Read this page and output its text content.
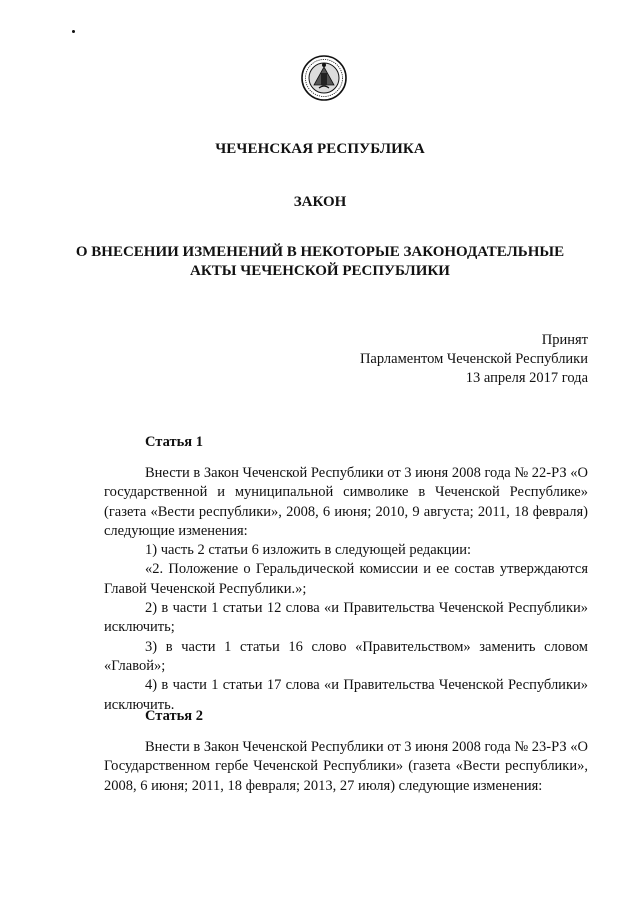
ЧЕЧЕНСКАЯ РЕСПУБЛИКА
ЗАКОН
О ВНЕСЕНИИ ИЗМЕНЕНИЙ В НЕКОТОРЫЕ ЗАКОНОДАТЕЛЬНЫЕ
АКТЫ ЧЕЧЕНСКОЙ РЕСПУБЛИКИ
Принят
Парламентом Чеченской Республики
13 апреля 2017 года
Статья 1

Внести в Закон Чеченской Республики от 3 июня 2008 года № 22-РЗ «О государственной и муниципальной символике в Чеченской Республике» (газета «Вести республики», 2008, 6 июня; 2010, 9 августа; 2011, 18 февраля) следующие изменения:

1) часть 2 статьи 6 изложить в следующей редакции:

«2. Положение о Геральдической комиссии и ее состав утверждаются Главой Чеченской Республики.»;

2) в части 1 статьи 12 слова «и Правительства Чеченской Республики» исключить;

3) в части 1 статьи 16 слово «Правительством» заменить словом «Главой»;

4) в части 1 статьи 17 слова «и Правительства Чеченской Республики» исключить.

Статья 2

Внести в Закон Чеченской Республики от 3 июня 2008 года № 23-РЗ «О Государственном гербе Чеченской Республики» (газета «Вести республики», 2008, 6 июня; 2011, 18 февраля; 2013, 27 июля) следующие изменения:
